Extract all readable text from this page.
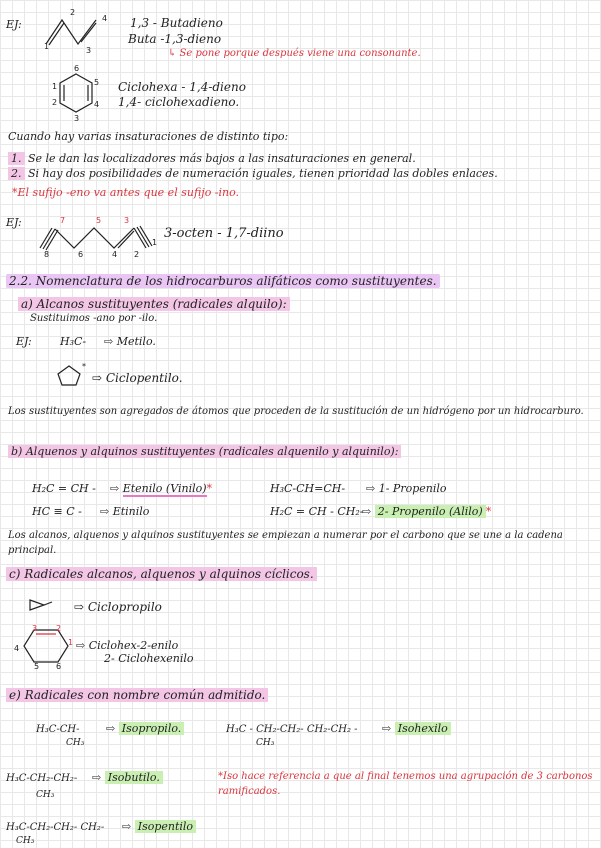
EJ:
1
2
3
4 1,3 - Butadieno
Buta -1,3-dieno
↳ Se pone porque después viene una consonante.
6
5
1
4
2
3
Ciclohexa - 1,4-dieno
1,4- ciclohexadieno.
Cuando hay varias insaturaciones de distinto tipo:
1. Se le dan las localizadores más bajos a las insaturaciones en general.
2. Si hay dos posibilidades de numeración iguales, tienen prioridad las dobles enlaces.
*El sufijo -eno va antes que el sufijo -ino.
EJ:	7	5	3
8	6	4 2
1
3-octen - 1,7-diino
2.2. Nomenclatura de los hidrocarburos alifáticos como sustituyentes.
a) Alcanos sustituyentes (radicales alquilo):
Sustituimos -ano por -ilo.
EJ:	H₃C- ⇨ Metilo.
*
⇨ Ciclopentilo.
Los sustituyentes son agregados de átomos que proceden de la sustitución de un hidrógeno por un hidrocarburo.
b) Alquenos y alquinos sustituyentes (radicales alquenilo y alquinilo):
H₂C = CH - ⇨ Etenilo (Vinilo)*	H₃C-CH=CH- ⇨ 1- Propenilo
HC ≡ C - ⇨ Etinilo	H₂C = CH - CH₂-
⇨ 2- Propenilo (Alilo) *
Los alcanos, alquenos y alquinos sustituyentes se empiezan a numerar por el carbono que se une a la cadena principal.
c) Radicales alcanos, alquenos y alquinos cíclicos.
⇨ Ciclopropilo
3 2
1
4
5 6
⇨ Ciclohex-2-enilo
2- Ciclohexenilo
e) Radicales con nombre común admitido.
H₃C-CH-
CH₃
⇨ Isopropilo.	H₃C - CH₂-CH₂- CH₂-CH₂ -
CH₃
⇨ Isohexilo
H₃C-CH₂-CH₂-
CH₃
⇨ Isobutilo.	*Iso hace referencia a que al final tenemos una agrupación de 3 carbonos ramificados.
H₃C-CH₂-CH₂- CH₂-
CH₃
⇨ Isopentilo
